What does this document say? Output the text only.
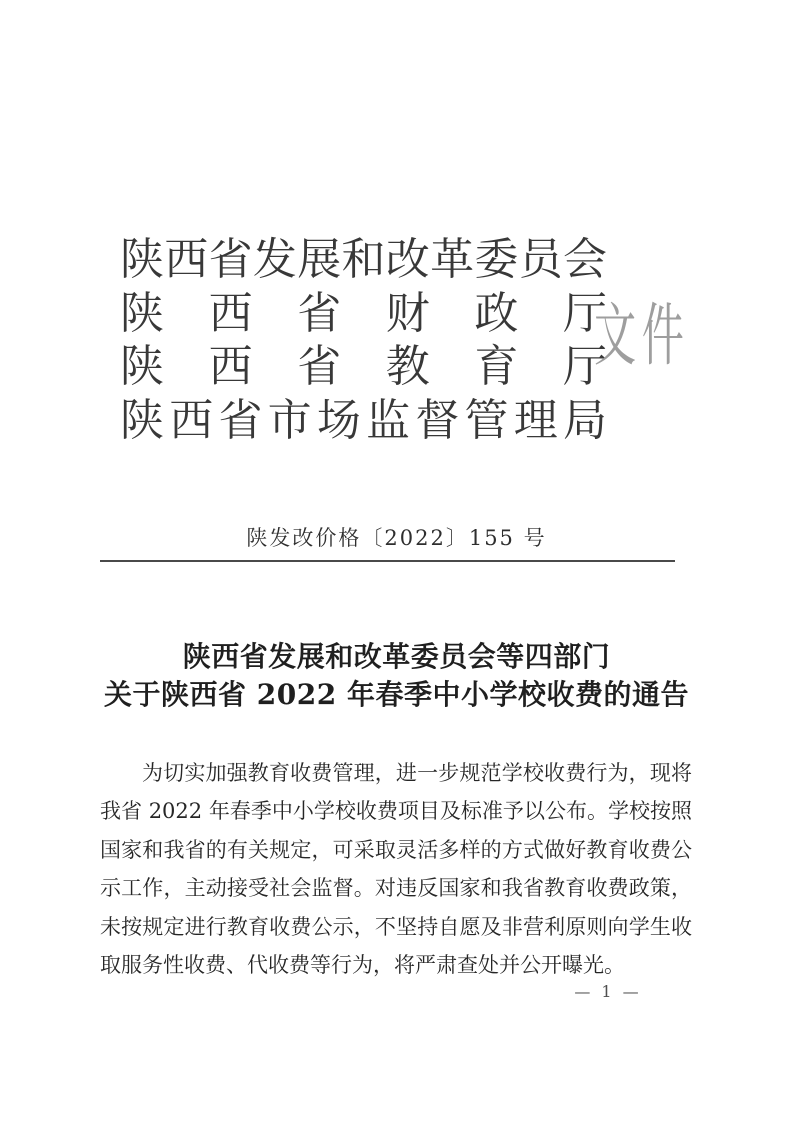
陕西省发展和改革委员会
陕西省财政厅
陕西省教育厅
陕西省市场监督管理局
文件
陕发改价格〔2022〕155 号
陕西省发展和改革委员会等四部门
关于陕西省 2022 年春季中小学校收费的通告
为切实加强教育收费管理，进一步规范学校收费行为，现将
我省 2022 年春季中小学校收费项目及标准予以公布。学校按照
国家和我省的有关规定，可采取灵活多样的方式做好教育收费公
示工作，主动接受社会监督。对违反国家和我省教育收费政策，
未按规定进行教育收费公示，不坚持自愿及非营利原则向学生收
取服务性收费、代收费等行为，将严肃查处并公开曝光。
— 1 —
